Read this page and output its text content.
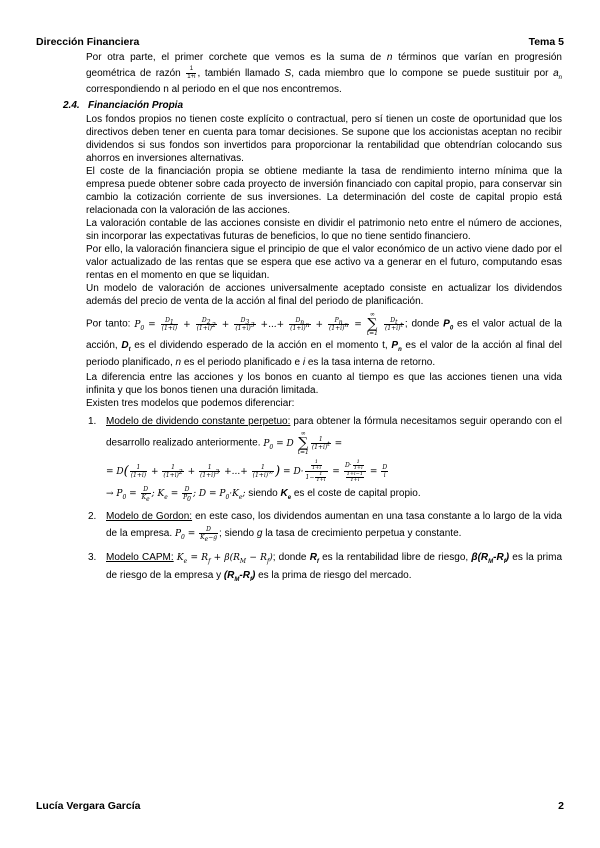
Dirección Financiera	Tema 5

Por otra parte, el primer corchete que vemos es la suma de n términos que varían en progresión geométrica de razón $\frac{1}{1+i}$ , también llamado S, cada miembro que lo compone se puede sustituir por $a_n$ correspondiendo n al periodo en el que nos encontremos.

2.4. Financiación Propia

Los fondos propios no tienen coste explícito o contractual, pero sí tienen un coste de oportunidad que los directivos deben tener en cuenta para tomar decisiones. Se supone que los accionistas aceptan no recibir dividendos si sus fondos son invertidos para proporcionar la rentabilidad que obtendrían colocando sus ahorros en inversiones alternativas.

El coste de la financiación propia se obtiene mediante la tasa de rendimiento interno mínima que la empresa puede obtener sobre cada proyecto de inversión financiado con capital propio, para conservar sin cambio la cotización corriente de sus inversiones. La determinación del coste de capital propio está relacionada con la valoración de las acciones.

La valoración contable de las acciones consiste en dividir el patrimonio neto entre el número de acciones, sin incorporar las expectativas futuras de beneficios, lo que no tiene sentido financiero.

Por ello, la valoración financiera sigue el principio de que el valor económico de un activo viene dado por el valor actualizado de las rentas que se espera que ese activo va a generar en el futuro, computando esas rentas en el momento en que se liquidan.

Un modelo de valoración de acciones universalmente aceptado consiste en actualizar los dividendos además del precio de venta de la acción al final del periodo de planificación.

Por tanto: $P_0 = \frac{D_1}{(1+i)} + \frac{D_2}{(1+i)^2} + \frac{D_3}{(1+i)^3}$ +...+ $\frac{D_n}{(1+i)^n} + \frac{P_n}{(1+i)^n}$ = ∞
∑
t=1
$\frac{D_t}{(1+i)^t}$ ; donde $P_0$ es el valor actual de la acción, $D_t$ es el dividendo esperado de la acción en el momento t, $P_n$ es el valor de la acción al final del periodo planificado, n es el periodo planificado e i es la tasa interna de retorno.

La diferencia entre las acciones y los bonos en cuanto al tiempo es que las acciones tienen una vida infinita y que los bonos tienen una duración limitada.

Existen tres modelos que podemos diferenciar:

1. Modelo de dividendo constante perpetuo: para obtener la fórmula necesitamos seguir operando con el desarrollo realizado anteriormente. $P_0 = D$ ∞
∑
t=1
$\frac{1}{(1+i)^t}$ =
= $D( \frac{1}{(1+i)} + \frac{1}{(1+i)^2} + \frac{1}{(1+i)^3}$ +...+ $\frac{1}{(1+i)^\infty}$ ) = $D\cdot \frac{\frac{1}{1+i}}{1- \frac{1}{1+i}} = \frac{D\cdot \frac{1}{1+i}}{\frac{1+i-1}{1+i}} = \frac{D}{i}$
→ $P_0 = \frac{D}{K_e}$ ; $K_e = \frac{D}{P_0}$ ; $D = P_0\cdot K_e$; siendo $K_e$ es el coste de capital propio.
2. Modelo de Gordon: en este caso, los dividendos aumentan en una tasa constante a lo largo de la vida de la empresa. $P_0 = \frac{D}{K_e-g}$ ; siendo g la tasa de crecimiento perpetua y constante.
3. Modelo CAPM: $K_e = R_f + \beta(R_M - R_f)$; donde $R_f$ es la rentabilidad libre de riesgo, $\beta(R_M-R_f)$ es la prima de riesgo de la empresa y $(R_M-R_f)$ es la prima de riesgo del mercado.
Lucía Vergara García	2
